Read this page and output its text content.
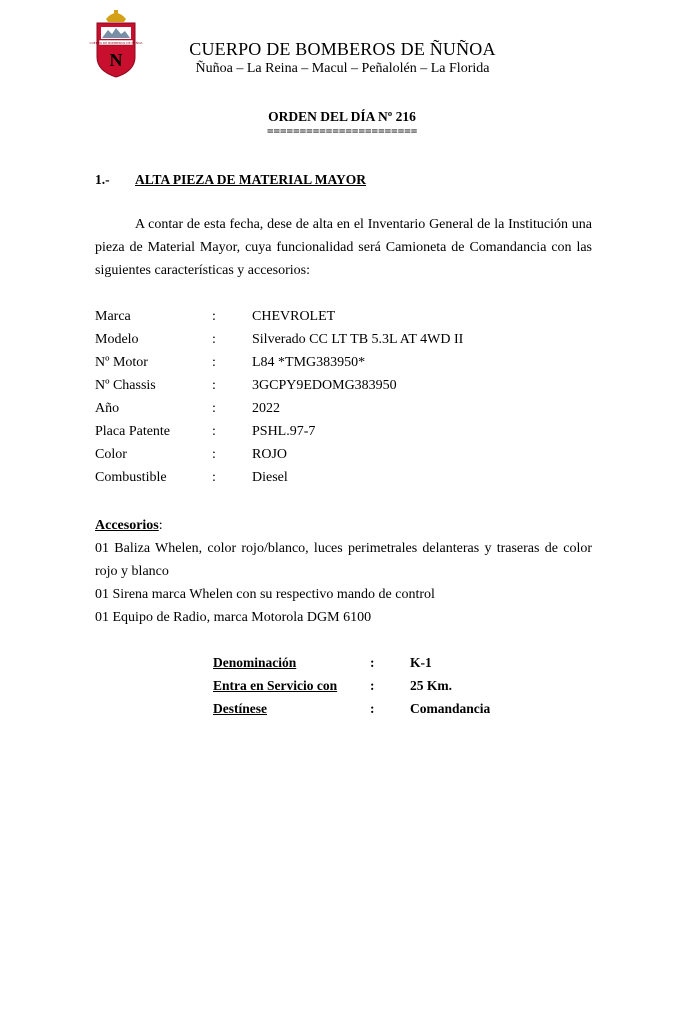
CUERPO DE BOMBEROS DE ÑUÑOA
N
CUERPO DE BOMBEROS DE ÑUÑOA
Ñuñoa – La Reina – Macul – Peñalolén – La Florida
ORDEN DEL DÍA Nº 216
=======================
1.- ALTA PIEZA DE MATERIAL MAYOR
A contar de esta fecha, dese de alta en el Inventario General de la Institución una pieza de Material Mayor, cuya funcionalidad será Camioneta de Comandancia con las siguientes características y accesorios:
Marca	:	CHEVROLET
Modelo	:	Silverado CC LT TB 5.3L AT 4WD II
Nº Motor	:	L84 *TMG383950*
Nº Chassis	:	3GCPY9EDOMG383950
Año	:	2022
Placa Patente	:	PSHL.97-7
Color	:	ROJO
Combustible	:	Diesel
Accesorios:
01 Baliza Whelen, color rojo/blanco, luces perimetrales delanteras y traseras de color rojo y blanco
01 Sirena marca Whelen con su respectivo mando de control
01 Equipo de Radio, marca Motorola DGM 6100
Denominación	:	K-1
Entra en Servicio con :	25 Km.
Destínese	:	Comandancia
